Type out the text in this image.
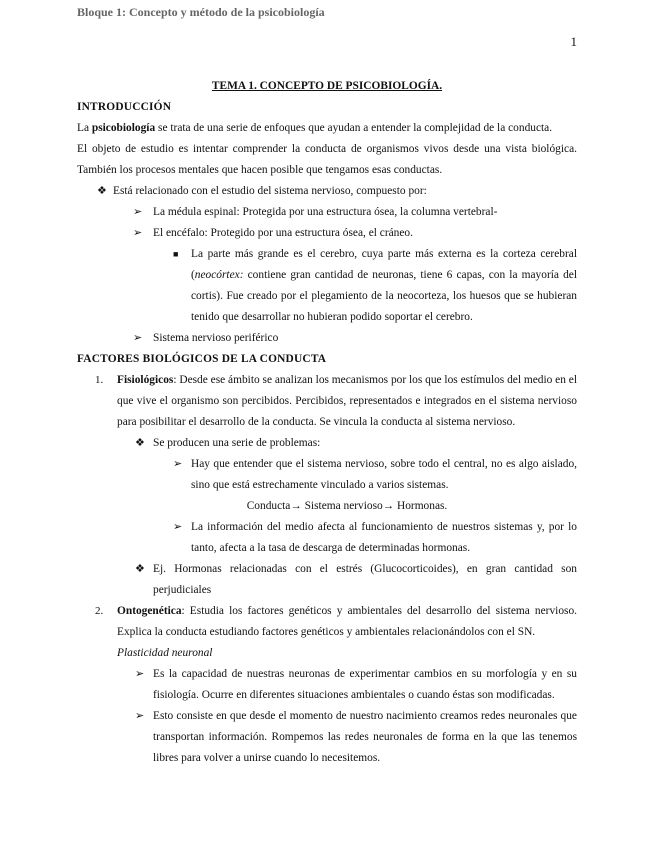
Bloque 1: Concepto y método de la psicobiología
1

TEMA 1. CONCEPTO DE PSICOBIOLOGÍA.

INTRODUCCIÓN

La psicobiología se trata de una serie de enfoques que ayudan a entender la complejidad de la conducta.

El objeto de estudio es intentar comprender la conducta de organismos vivos desde una vista biológica. También los procesos mentales que hacen posible que tengamos esas conductas.

❖ Está relacionado con el estudio del sistema nervioso, compuesto por:
➢ La médula espinal: Protegida por una estructura ósea, la columna vertebral-
➢ El encéfalo: Protegido por una estructura ósea, el cráneo.
■ La parte más grande es el cerebro, cuya parte más externa es la corteza cerebral (neocórtex: contiene gran cantidad de neuronas, tiene 6 capas, con la mayoría del cortis). Fue creado por el plegamiento de la neocorteza, los huesos que se hubieran tenido que desarrollar no hubieran podido soportar el cerebro.
➢ Sistema nervioso periférico

FACTORES BIOLÓGICOS DE LA CONDUCTA

1. Fisiológicos: Desde ese ámbito se analizan los mecanismos por los que los estímulos del medio en el que vive el organismo son percibidos. Percibidos, representados e integrados en el sistema nervioso para posibilitar el desarrollo de la conducta. Se vincula la conducta al sistema nervioso.
❖ Se producen una serie de problemas:
➢ Hay que entender que el sistema nervioso, sobre todo el central, no es algo aislado, sino que está estrechamente vinculado a varios sistemas.

Conducta→ Sistema nervioso→ Hormonas.

➢ La información del medio afecta al funcionamiento de nuestros sistemas y, por lo tanto, afecta a la tasa de descarga de determinadas hormonas.
❖ Ej. Hormonas relacionadas con el estrés (Glucocorticoides), en gran cantidad son perjudiciales
2. Ontogenética: Estudia los factores genéticos y ambientales del desarrollo del sistema nervioso. Explica la conducta estudiando factores genéticos y ambientales relacionándolos con el SN.

Plasticidad neuronal

➢ Es la capacidad de nuestras neuronas de experimentar cambios en su morfología y en su fisiología. Ocurre en diferentes situaciones ambientales o cuando éstas son modificadas.
➢ Esto consiste en que desde el momento de nuestro nacimiento creamos redes neuronales que transportan información. Rompemos las redes neuronales de forma en la que las tenemos libres para volver a unirse cuando lo necesitemos.
